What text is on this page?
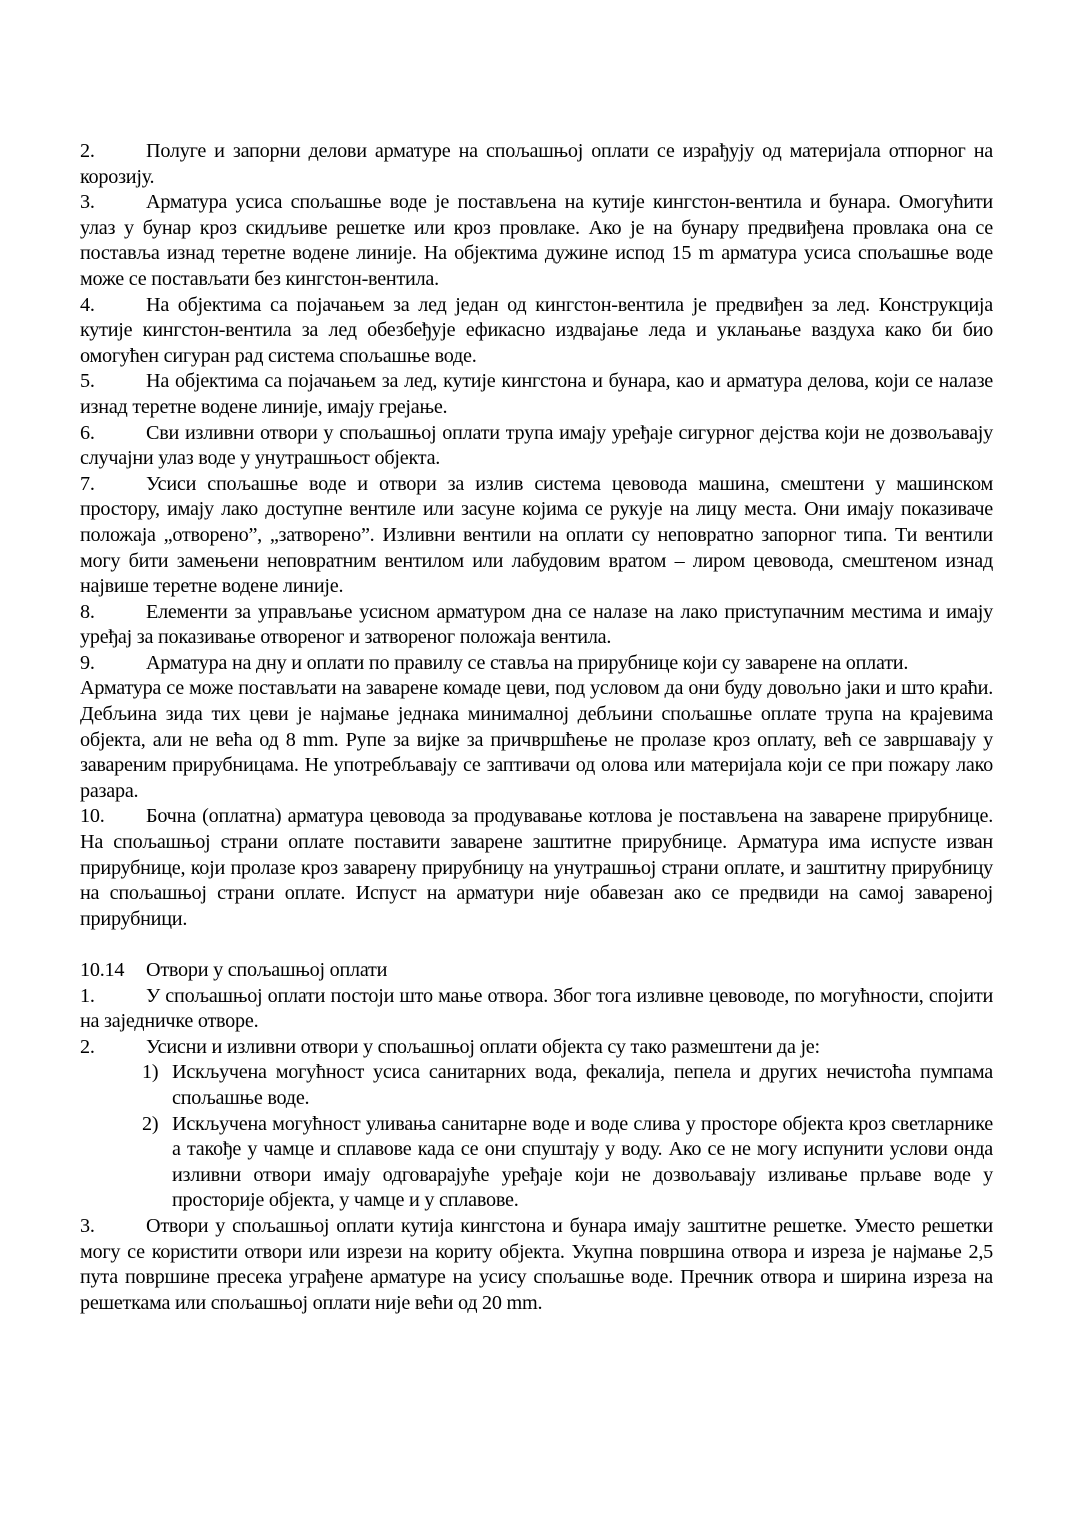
2.	Полуге и запорни делови арматуре на спољашњој оплати се израђују од материјала отпорног на корозију.

3.	Арматура усиса спољашње воде је постављена на кутије кингстон-вентила и бунара. Омогућити улаз у бунар кроз скидљиве решетке или кроз провлаке. Ако је на бунару предвиђена провлака она се поставља изнад теретне водене линије. На објектима дужине испод 15 m арматура усиса спољашње воде може се постављати без кингстон-вентила.

4.	На објектима са појачањем за лед један од кингстон-вентила је предвиђен за лед. Конструкција кутије кингстон-вентила за лед обезбеђује ефикасно издвајање леда и уклањање ваздуха како би био омогућен сигуран рад система спољашње воде.

5.	На објектима са појачањем за лед, кутије кингстона и бунара, као и арматура делова, који се налазе изнад теретне водене линије, имају грејање.

6.	Сви изливни отвори у спољашњој оплати трупа имају уређаје сигурног дејства који не дозвољавају случајни улаз воде у унутрашњост објекта.

7.	Усиси спољашње воде и отвори за излив система цевовода машина, смештени у машинском простору, имају лако доступне вентиле или засуне којима се рукује на лицу места. Они имају показиваче положаја „отворено”, „затворено”. Изливни вентили на оплати су неповратно запорног типа. Ти вентили могу бити замењени неповратним вентилом или лабудовим вратом – лиром цевовода, смештеном изнад највише теретне водене линије.

8.	Елементи за управљање усисном арматуром дна се налазе на лако приступачним местима и имају уређај за показивање отвореног и затвореног положаја вентила.

9.	Арматура на дну и оплати по правилу се ставља на прирубнице који су заварене на оплати.

Арматура се може постављати на заварене комаде цеви, под условом да они буду довољно јаки и што краћи. Дебљина зида тих цеви је најмање једнака минималној дебљини спољашње оплате трупа на крајевима објекта, али не већа од 8 mm. Рупе за вијке за причвршћење не пролазе кроз оплату, већ се завршавају у завареним прирубницама. Не употребљавају се заптивачи од олова или материјала који се при пожару лако разара.

10. Бочна (оплатна) арматура цевовода за продувавање котлова је постављена на заварене прирубнице. На спољашњој страни оплате поставити заварене заштитне прирубнице. Арматура има испусте изван прирубнице, који пролазе кроз заварену прирубницу на унутрашњој страни оплате, и заштитну прирубницу на спољашњој страни оплате. Испуст на арматури није обавезан ако се предвиди на самој завареној прирубници.

10.14 Отвори у спољашњој оплати

1.	У спољашњој оплати постоји што мање отвора. Због тога изливне цевоводе, по могућности, спојити на заједничке отворе.

2.	Усисни и изливни отвори у спољашњој оплати објекта су тако размештени да је:

1) Искључена могућност усиса санитарних вода, фекалија, пепела и других нечистоћа пумпама спољашње воде.
2) Искључена могућност уливања санитарне воде и воде слива у просторе објекта кроз светларнике а такође у чамце и сплавове када се они спуштају у воду. Ако се не могу испунити услови онда изливни отвори имају одговарајуће уређаје који не дозвољавају изливање прљаве воде у просторије објекта, у чамце и у сплавове.

3.	Отвори у спољашњој оплати кутија кингстона и бунара имају заштитне решетке. Уместо решетки могу се користити отвори или изрези на кориту објекта. Укупна површина отвора и изреза је најмање 2,5 пута површине пресека уграђене арматуре на усису спољашње воде. Пречник отвора и ширина изреза на решеткама или спољашњој оплати није већи од 20 mm.
